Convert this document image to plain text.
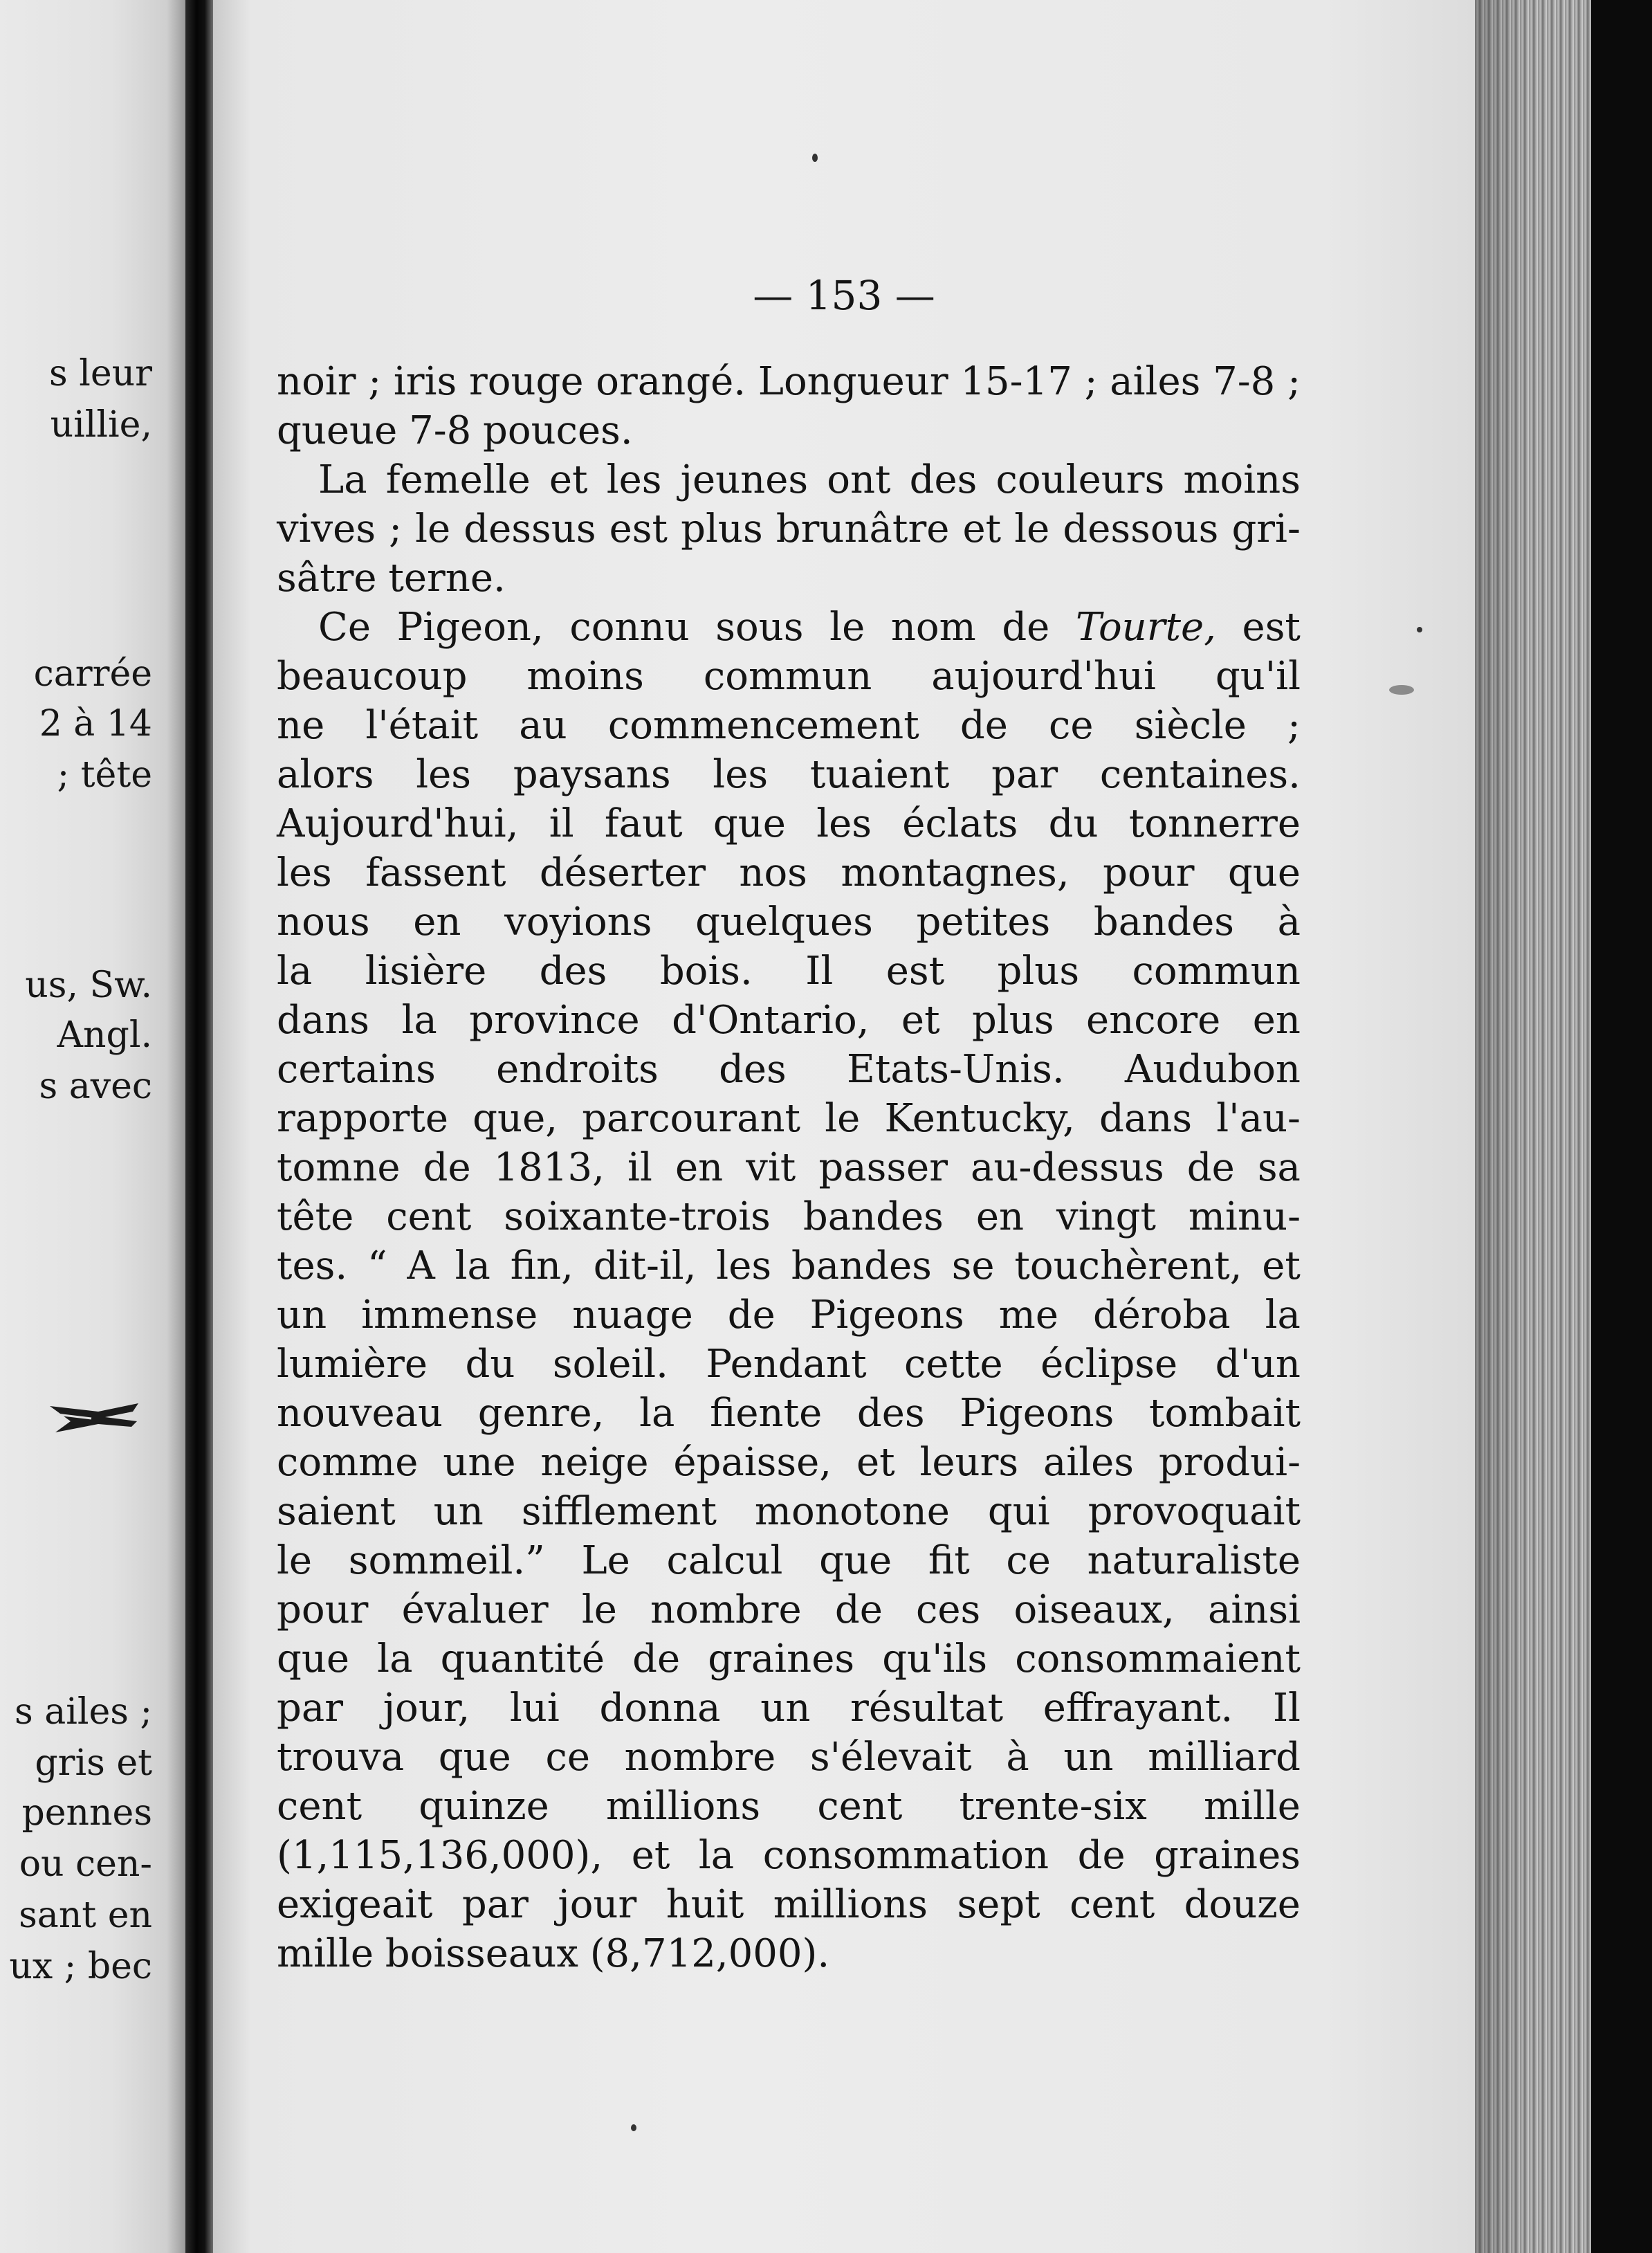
s leur
uillie,
carrée
2 à 14
; tête
us, Sw.
Angl.
s avec
s ailes ;
gris et
pennes
ou cen-
sant en
ux ; bec
— 153 —
noir ; iris rouge orangé. Longueur 15-17 ; ailes 7-8 ;
queue 7-8 pouces.
La femelle et les jeunes ont des couleurs moins
vives ; le dessus est plus brunâtre et le dessous gri-
sâtre terne.
Ce Pigeon, connu sous le nom de Tourte, est
beaucoup moins commun aujourd'hui qu'il
ne l'était au commencement de ce siècle ;
alors les paysans les tuaient par centaines.
Aujourd'hui, il faut que les éclats du tonnerre
les fassent déserter nos montagnes, pour que
nous en voyions quelques petites bandes à
la lisière des bois. Il est plus commun
dans la province d'Ontario, et plus encore en
certains endroits des Etats-Unis. Audubon
rapporte que, parcourant le Kentucky, dans l'au-
tomne de 1813, il en vit passer au-dessus de sa
tête cent soixante-trois bandes en vingt minu-
tes. “ A la fin, dit-il, les bandes se touchèrent, et
un immense nuage de Pigeons me déroba la
lumière du soleil. Pendant cette éclipse d'un
nouveau genre, la fiente des Pigeons tombait
comme une neige épaisse, et leurs ailes produi-
saient un sifflement monotone qui provoquait
le sommeil.” Le calcul que fit ce naturaliste
pour évaluer le nombre de ces oiseaux, ainsi
que la quantité de graines qu'ils consommaient
par jour, lui donna un résultat effrayant. Il
trouva que ce nombre s'élevait à un milliard
cent quinze millions cent trente-six mille
(1,115,136,000), et la consommation de graines
exigeait par jour huit millions sept cent douze
mille boisseaux (8,712,000).
